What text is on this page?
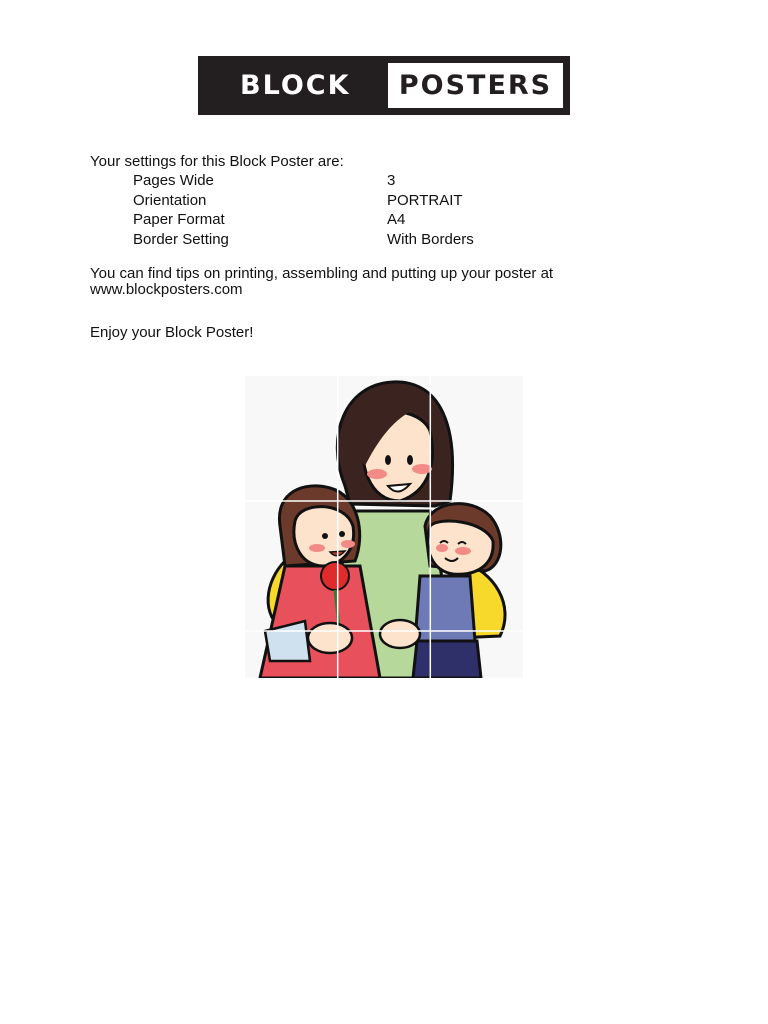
BLOCK	POSTERS
Your settings for this Block Poster are:
Pages Wide	3
Orientation	PORTRAIT
Paper Format	A4
Border Setting	With Borders
You can find tips on printing, assembling and putting up your poster at
www.blockposters.com
Enjoy your Block Poster!
